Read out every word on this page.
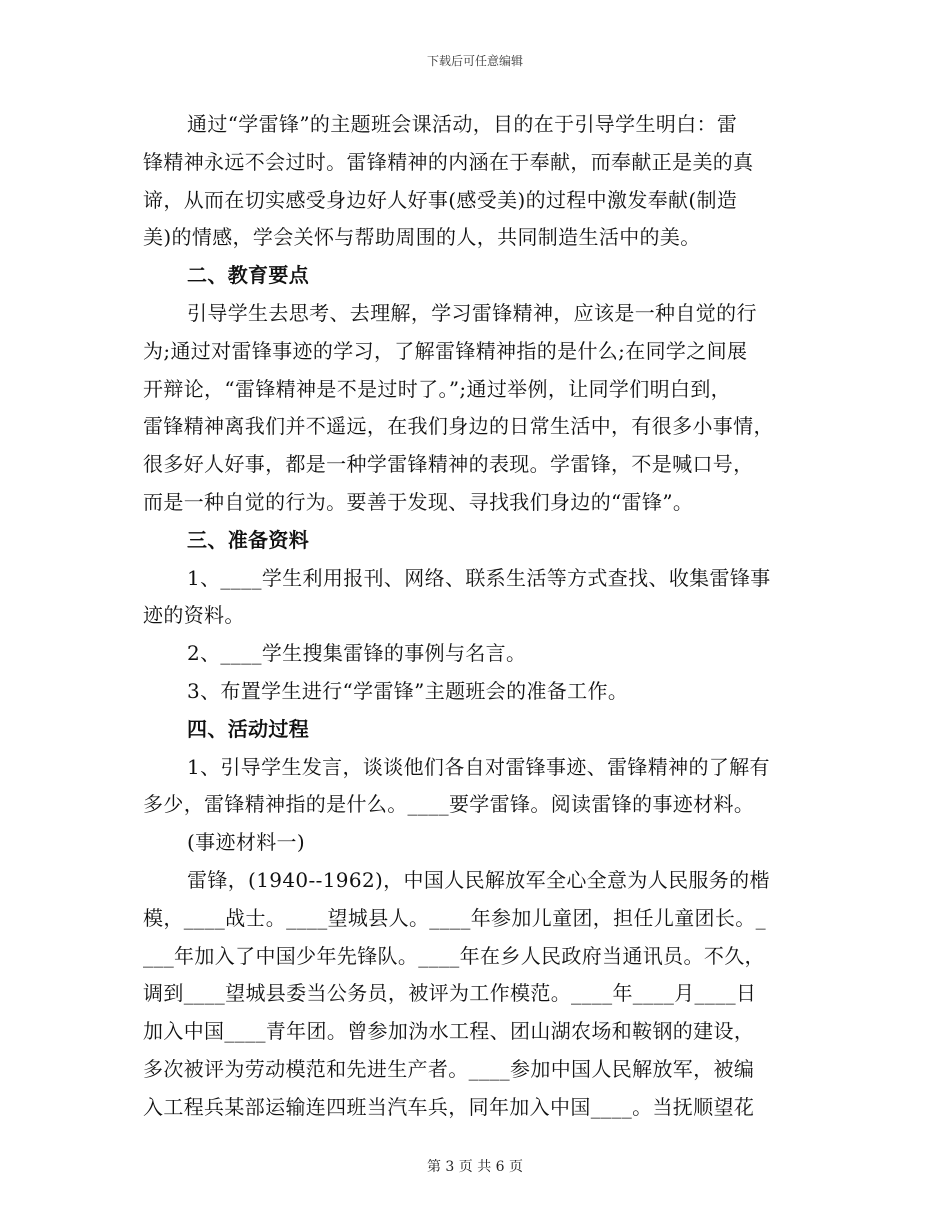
下载后可任意编辑
通过“学雷锋”的主题班会课活动，目的在于引导学生明白：雷
锋精神永远不会过时。雷锋精神的内涵在于奉献，而奉献正是美的真
谛，从而在切实感受身边好人好事(感受美)的过程中激发奉献(制造
美)的情感，学会关怀与帮助周围的人，共同制造生活中的美。
二、教育要点
引导学生去思考、去理解，学习雷锋精神，应该是一种自觉的行
为;通过对雷锋事迹的学习，了解雷锋精神指的是什么;在同学之间展
开辩论，“雷锋精神是不是过时了。”;通过举例，让同学们明白到，
雷锋精神离我们并不遥远，在我们身边的日常生活中，有很多小事情，
很多好人好事，都是一种学雷锋精神的表现。学雷锋，不是喊口号，
而是一种自觉的行为。要善于发现、寻找我们身边的“雷锋”。
三、准备资料
1、____学生利用报刊、网络、联系生活等方式查找、收集雷锋事
迹的资料。
2、____学生搜集雷锋的事例与名言。
3、布置学生进行“学雷锋”主题班会的准备工作。
四、活动过程
1、引导学生发言，谈谈他们各自对雷锋事迹、雷锋精神的了解有
多少，雷锋精神指的是什么。____要学雷锋。阅读雷锋的事迹材料。
(事迹材料一)
雷锋，(1940--1962)，中国人民解放军全心全意为人民服务的楷
模，____战士。____望城县人。____年参加儿童团，担任儿童团长。_
___年加入了中国少年先锋队。____年在乡人民政府当通讯员。不久，
调到____望城县委当公务员，被评为工作模范。____年____月____日
加入中国____青年团。曾参加沩水工程、团山湖农场和鞍钢的建设，
多次被评为劳动模范和先进生产者。____参加中国人民解放军，被编
入工程兵某部运输连四班当汽车兵，同年加入中国____。当抚顺望花
第 3 页 共 6 页
